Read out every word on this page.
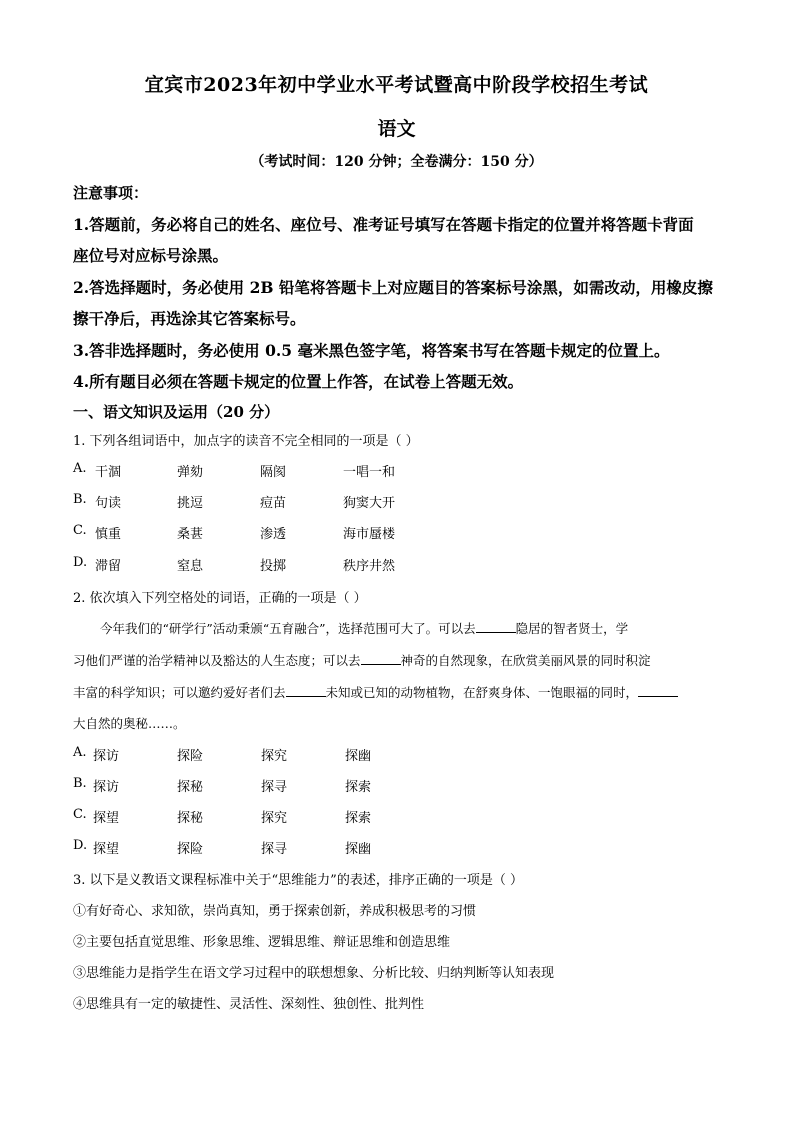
宜宾市2023年初中学业水平考试暨高中阶段学校招生考试
语文
（考试时间：120 分钟；全卷满分：150 分）
注意事项：
1.答题前，务必将自己的姓名、座位号、准考证号填写在答题卡指定的位置并将答题卡背面
座位号对应标号涂黑。
2.答选择题时，务必使用 2B 铅笔将答题卡上对应题目的答案标号涂黑，如需改动，用橡皮擦
擦干净后，再选涂其它答案标号。
3.答非选择题时，务必使用 0.5 毫米黑色签字笔，将答案书写在答题卡规定的位置上。
4.所有题目必须在答题卡规定的位置上作答，在试卷上答题无效。
一、语文知识及运用（20 分）
1. 下列各组词语中，加点字的读音不完全相同的一项是（ ）
A. 干涸	弹劾	隔阂	一唱一和
B. 句读	挑逗	痘苗	狗窦大开
C. 慎重	桑葚	渗透	海市蜃楼
D. 滞留	窒息	投掷	秩序井然
2. 依次填入下列空格处的词语，正确的一项是（ ）
今年我们的“研学行”活动秉颁“五育融合”，选择范围可大了。可以去	隐居的智者贤士，学
习他们严谨的治学精神以及豁达的人生态度；可以去	神奇的自然现象，在欣赏美丽风景的同时积淀
丰富的科学知识；可以邀约爱好者们去	未知或已知的动物植物，在舒爽身体、一饱眼福的同时，
大自然的奥秘……。
A. 探访	探险	探究	探幽
B. 探访	探秘	探寻	探索
C. 探望	探秘	探究	探索
D. 探望	探险	探寻	探幽
3. 以下是义教语文课程标准中关于“思维能力”的表述，排序正确的一项是（ ）
①有好奇心、求知欲，崇尚真知，勇于探索创新，养成积极思考的习惯
②主要包括直觉思维、形象思维、逻辑思维、辩证思维和创造思维
③思维能力是指学生在语文学习过程中的联想想象、分析比较、归纳判断等认知表现
④思维具有一定的敏捷性、灵活性、深刻性、独创性、批判性
